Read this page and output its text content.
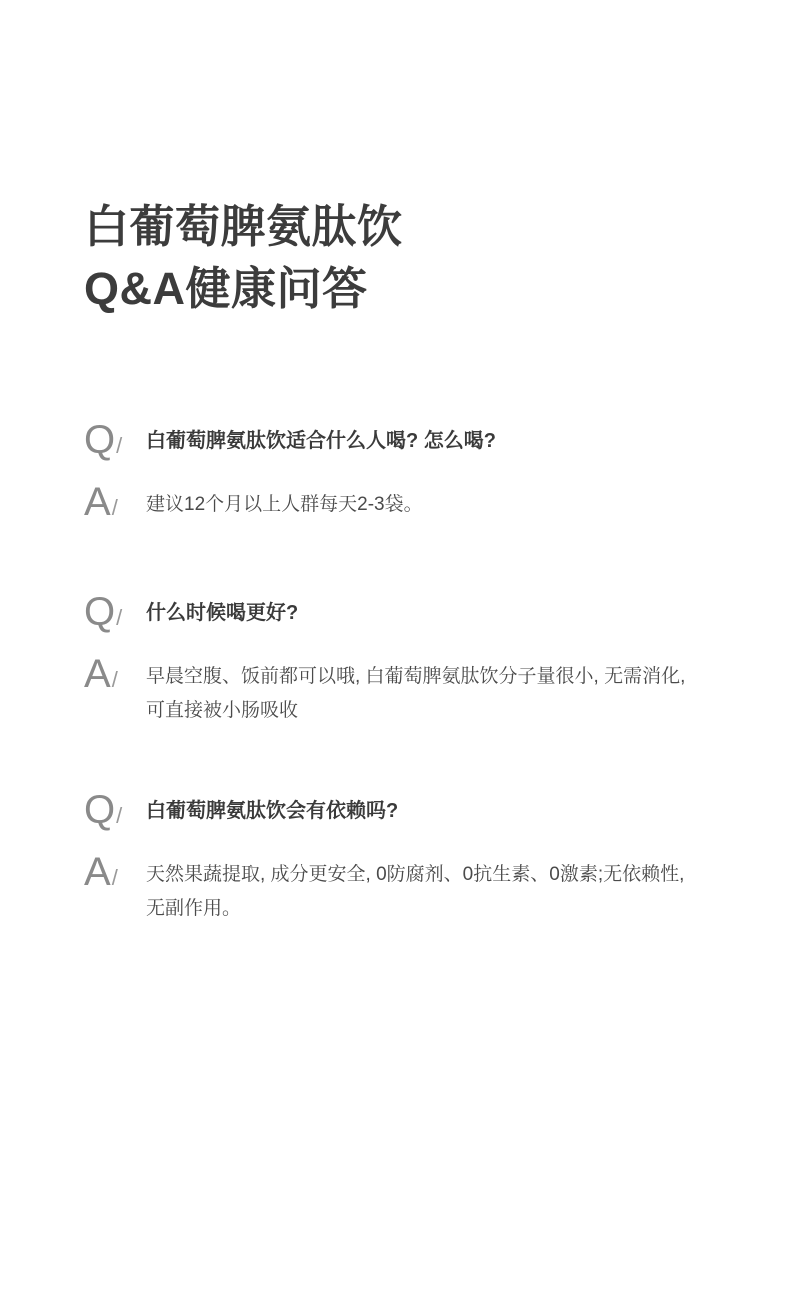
白葡萄脾氨肽饮
Q&A健康问答
Q/	白葡萄脾氨肽饮适合什么人喝? 怎么喝?
A/	建议12个月以上人群每天2-3袋。
Q/	什么时候喝更好?
A/	早晨空腹、饭前都可以哦, 白葡萄脾氨肽饮分子量很小, 无需消化, 可直接被小肠吸收
Q/	白葡萄脾氨肽饮会有依赖吗?
A/	天然果蔬提取, 成分更安全, 0防腐剂、0抗生素、0激素;无依赖性, 无副作用。
